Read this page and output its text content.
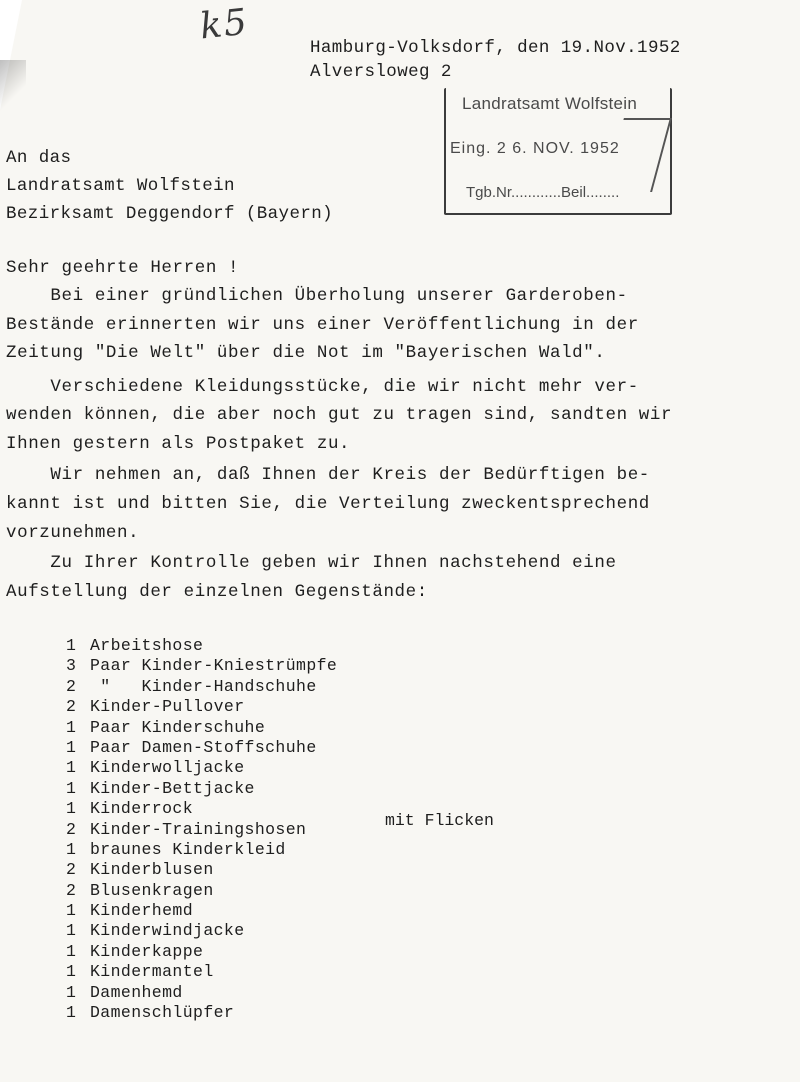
k5
Hamburg-Volksdorf, den 19.Nov.1952
Alversloweg 2
Landratsamt Wolfstein
Eing. 2 6. NOV. 1952
Tgb.Nr............Beil........
An das
Landratsamt Wolfstein
Bezirksamt Deggendorf (Bayern)
Sehr geehrte Herren !
Bei einer gründlichen Überholung unserer Garderoben-
Bestände erinnerten wir uns einer Veröffentlichung in der
Zeitung "Die Welt" über die Not im "Bayerischen Wald".
Verschiedene Kleidungsstücke, die wir nicht mehr ver-
wenden können, die aber noch gut zu tragen sind, sandten wir
Ihnen gestern als Postpaket zu.
Wir nehmen an, daß Ihnen der Kreis der Bedürftigen be-
kannt ist und bitten Sie, die Verteilung zweckentsprechend
vorzunehmen.
Zu Ihrer Kontrolle geben wir Ihnen nachstehend eine
Aufstellung der einzelnen Gegenstände:
1 Arbeitshose
3 Paar Kinder-Kniestrümpfe
2 "   Kinder-Handschuhe
2 Kinder-Pullover
1 Paar Kinderschuhe
1 Paar Damen-Stoffschuhe
1 Kinderwolljacke
1 Kinder-Bettjacke
1 Kinderrock
2 Kinder-Trainingshosen
1 braunes Kinderkleid
2 Kinderblusen
2 Blusenkragen
1 Kinderhemd
1 Kinderwindjacke
1 Kinderkappe
1 Kindermantel
1 Damenhemd
1 Damenschlüpfer
mit Flicken
